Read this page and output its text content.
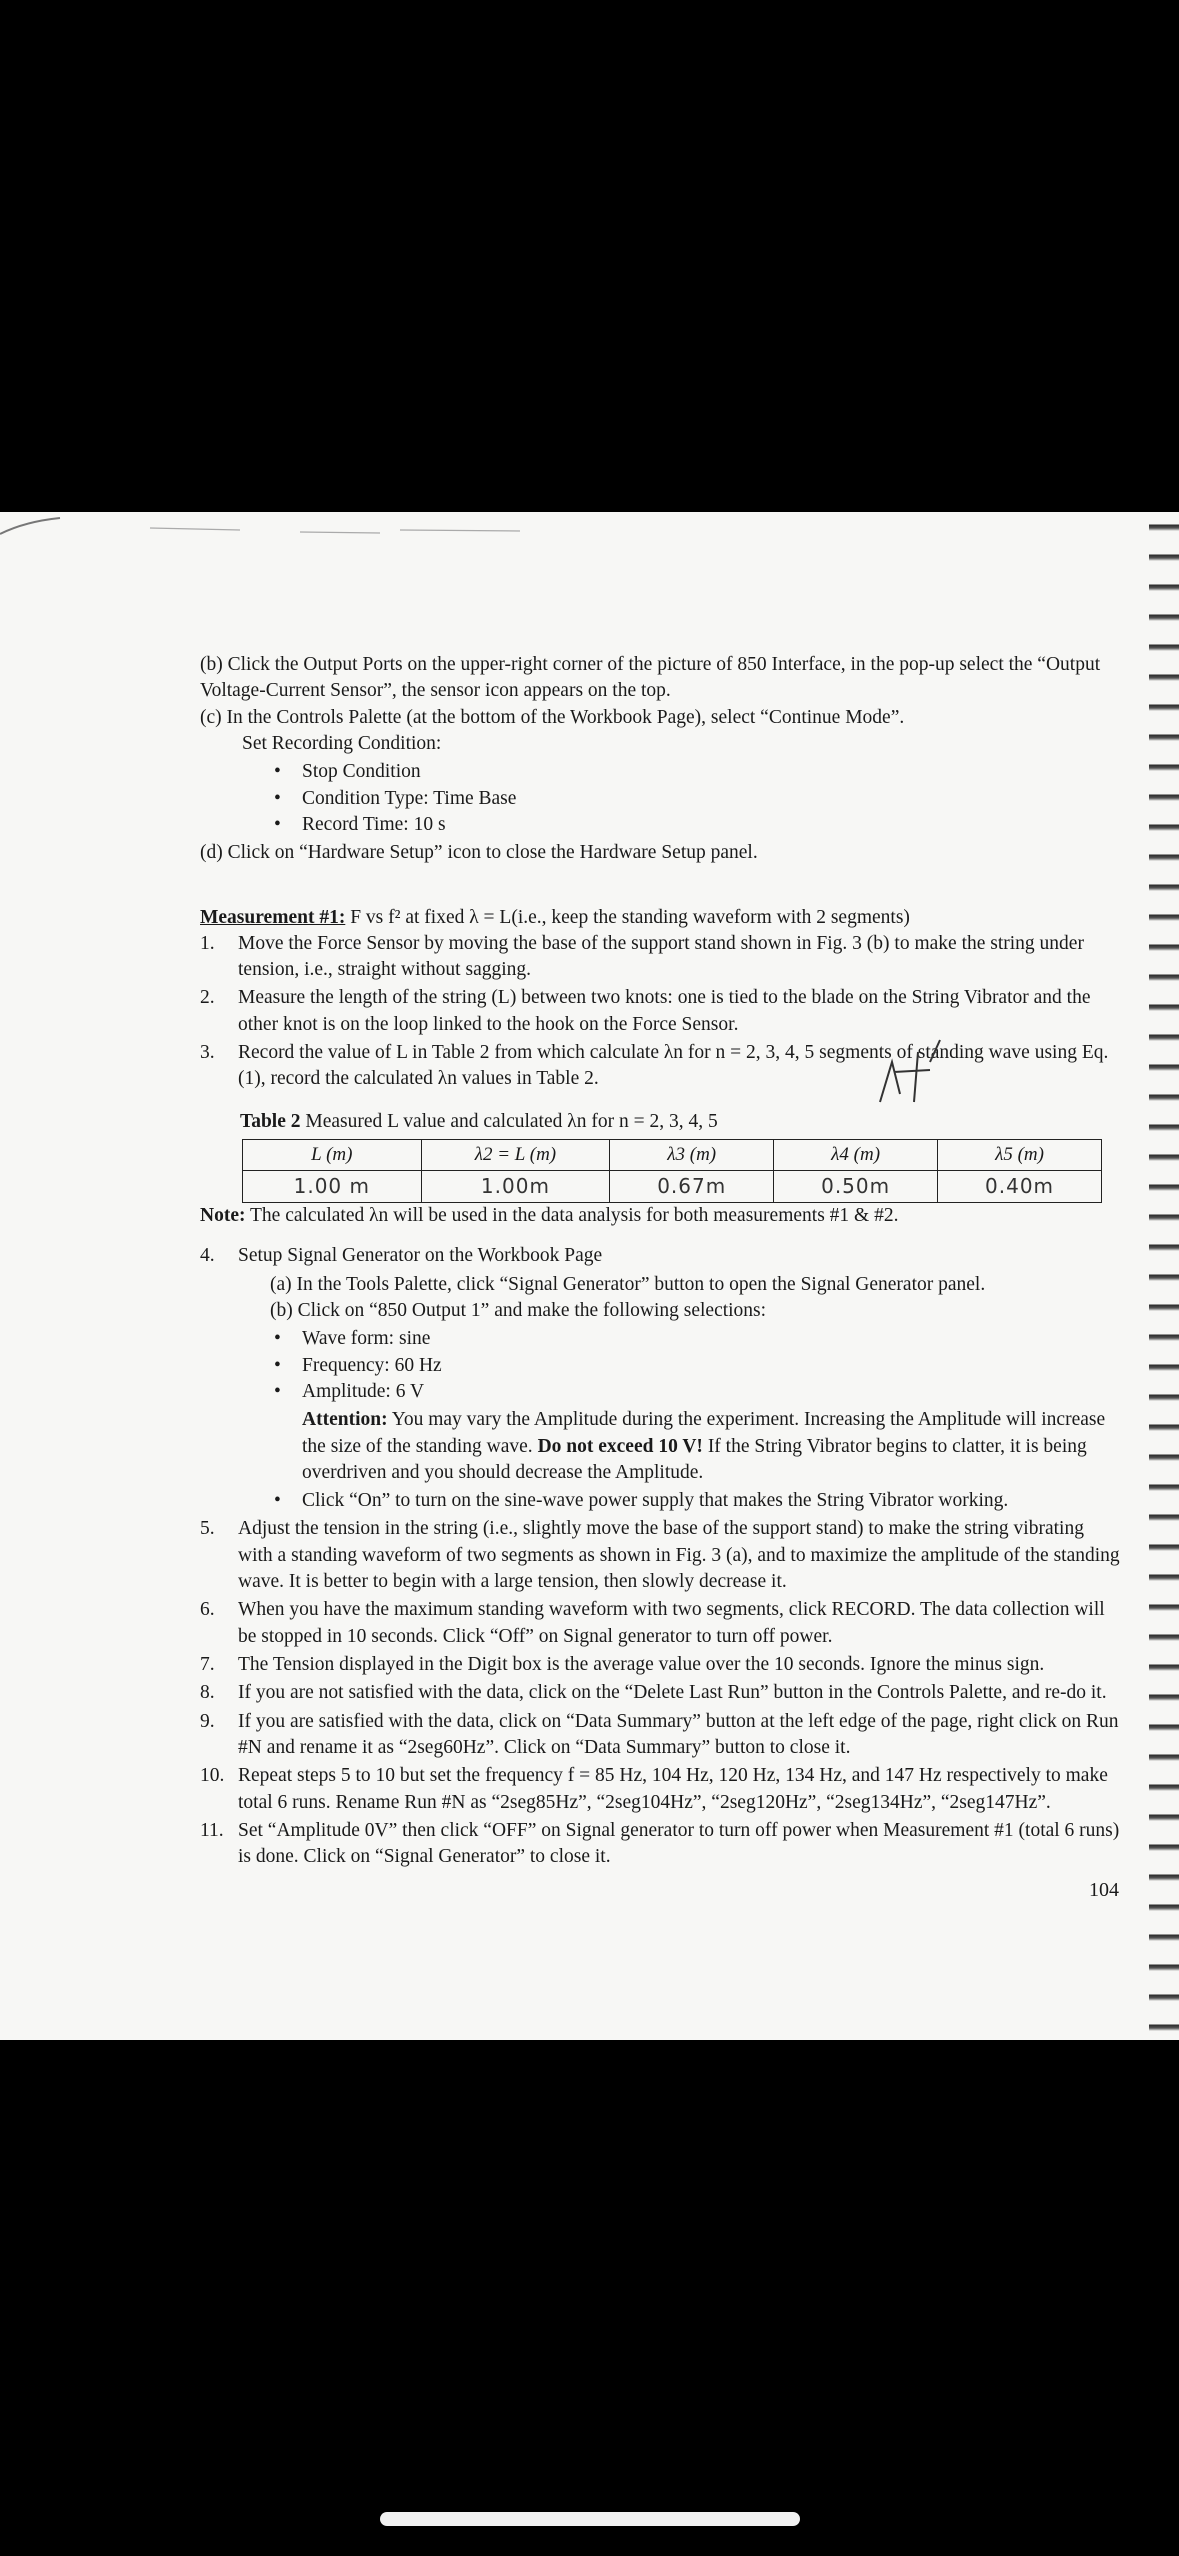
(b) Click the Output Ports on the upper-right corner of the picture of 850 Interface, in the pop-up select the “Output Voltage-Current Sensor”, the sensor icon appears on the top.

(c) In the Controls Palette (at the bottom of the Workbook Page), select “Continue Mode”.

Set Recording Condition:

• Stop Condition
• Condition Type: Time Base
• Record Time: 10 s

(d) Click on “Hardware Setup” icon to close the Hardware Setup panel.

Measurement #1: F vs f² at fixed λ = L(i.e., keep the standing waveform with 2 segments)

1. Move the Force Sensor by moving the base of the support stand shown in Fig. 3 (b) to make the string under tension, i.e., straight without sagging.
2. Measure the length of the string (L) between two knots: one is tied to the blade on the String Vibrator and the other knot is on the loop linked to the hook on the Force Sensor.
3. Record the value of L in Table 2 from which calculate λn for n = 2, 3, 4, 5 segments of standing wave using Eq. (1), record the calculated λn values in Table 2.

Table 2 Measured L value and calculated λn for n = 2, 3, 4, 5

L (m)	λ2 = L (m)	λ3 (m)	λ4 (m)	λ5 (m)
1.00 m	1.00m	0.67m	0.50m	0.40m

Note: The calculated λn will be used in the data analysis for both measurements #1 & #2.

4. Setup Signal Generator on the Workbook Page

(a) In the Tools Palette, click “Signal Generator” button to open the Signal Generator panel.

(b) Click on “850 Output 1” and make the following selections:

• Wave form: sine
• Frequency: 60 Hz
• Amplitude: 6 V

Attention: You may vary the Amplitude during the experiment. Increasing the Amplitude will increase the size of the standing wave. Do not exceed 10 V! If the String Vibrator begins to clatter, it is being overdriven and you should decrease the Amplitude.

• Click “On” to turn on the sine-wave power supply that makes the String Vibrator working.
5. Adjust the tension in the string (i.e., slightly move the base of the support stand) to make the string vibrating with a standing waveform of two segments as shown in Fig. 3 (a), and to maximize the amplitude of the standing wave. It is better to begin with a large tension, then slowly decrease it.
6. When you have the maximum standing waveform with two segments, click RECORD. The data collection will be stopped in 10 seconds. Click “Off” on Signal generator to turn off power.
7. The Tension displayed in the Digit box is the average value over the 10 seconds. Ignore the minus sign.
8. If you are not satisfied with the data, click on the “Delete Last Run” button in the Controls Palette, and re-do it.
9. If you are satisfied with the data, click on “Data Summary” button at the left edge of the page, right click on Run #N and rename it as “2seg60Hz”. Click on “Data Summary” button to close it.
10. Repeat steps 5 to 10 but set the frequency f = 85 Hz, 104 Hz, 120 Hz, 134 Hz, and 147 Hz respectively to make total 6 runs. Rename Run #N as “2seg85Hz”, “2seg104Hz”, “2seg120Hz”, “2seg134Hz”, “2seg147Hz”.
11. Set “Amplitude 0V” then click “OFF” on Signal generator to turn off power when Measurement #1 (total 6 runs) is done. Click on “Signal Generator” to close it.
104
